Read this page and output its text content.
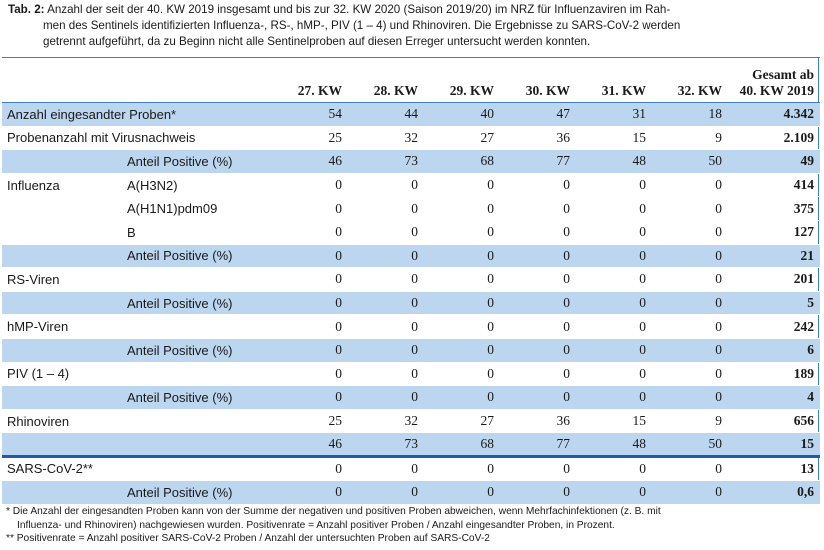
Tab. 2: Anzahl der seit der 40. KW 2019 insgesamt und bis zur 32. KW 2020 (Saison 2019/20) im NRZ für Influenzaviren im Rah-
men des Sentinels identifizierten Influenza-, RS-, hMP-, PIV (1 – 4) und Rhinoviren. Die Ergebnisse zu SARS-CoV-2 werden
getrennt aufgeführt, da zu Beginn nicht alle Sentinelproben auf diesen Erreger untersucht werden konnten.
		27. KW	28. KW	29. KW	30. KW	31. KW	32. KW	Gesamt ab
40. KW 2019

Anzahl eingesandter Proben*		54	44	40	47	31	18	4.342
Probenanzahl mit Virusnachweis		25	32	27	36	15	9	2.109
	Anteil Positive (%)	46	73	68	77	48	50	49
Influenza	A(H3N2)	0	0	0	0	0	0	414
	A(H1N1)pdm09	0	0	0	0	0	0	375
	B	0	0	0	0	0	0	127
	Anteil Positive (%)	0	0	0	0	0	0	21
RS-Viren		0	0	0	0	0	0	201
	Anteil Positive (%)	0	0	0	0	0	0	5
hMP-Viren		0	0	0	0	0	0	242
	Anteil Positive (%)	0	0	0	0	0	0	6
PIV (1 – 4)		0	0	0	0	0	0	189
	Anteil Positive (%)	0	0	0	0	0	0	4
Rhinoviren		25	32	27	36	15	9	656
		46	73	68	77	48	50	15
SARS-CoV-2**		0	0	0	0	0	0	13
	Anteil Positive (%)	0	0	0	0	0	0	0,6
* Die Anzahl der eingesandten Proben kann von der Summe der negativen und positiven Proben abweichen, wenn Mehrfachinfektionen (z. B. mit
Influenza- und Rhinoviren) nachgewiesen wurden. Positivenrate = Anzahl positiver Proben / Anzahl eingesandter Proben, in Prozent.
** Positivenrate = Anzahl positiver SARS-CoV-2 Proben / Anzahl der untersuchten Proben auf SARS-CoV-2
